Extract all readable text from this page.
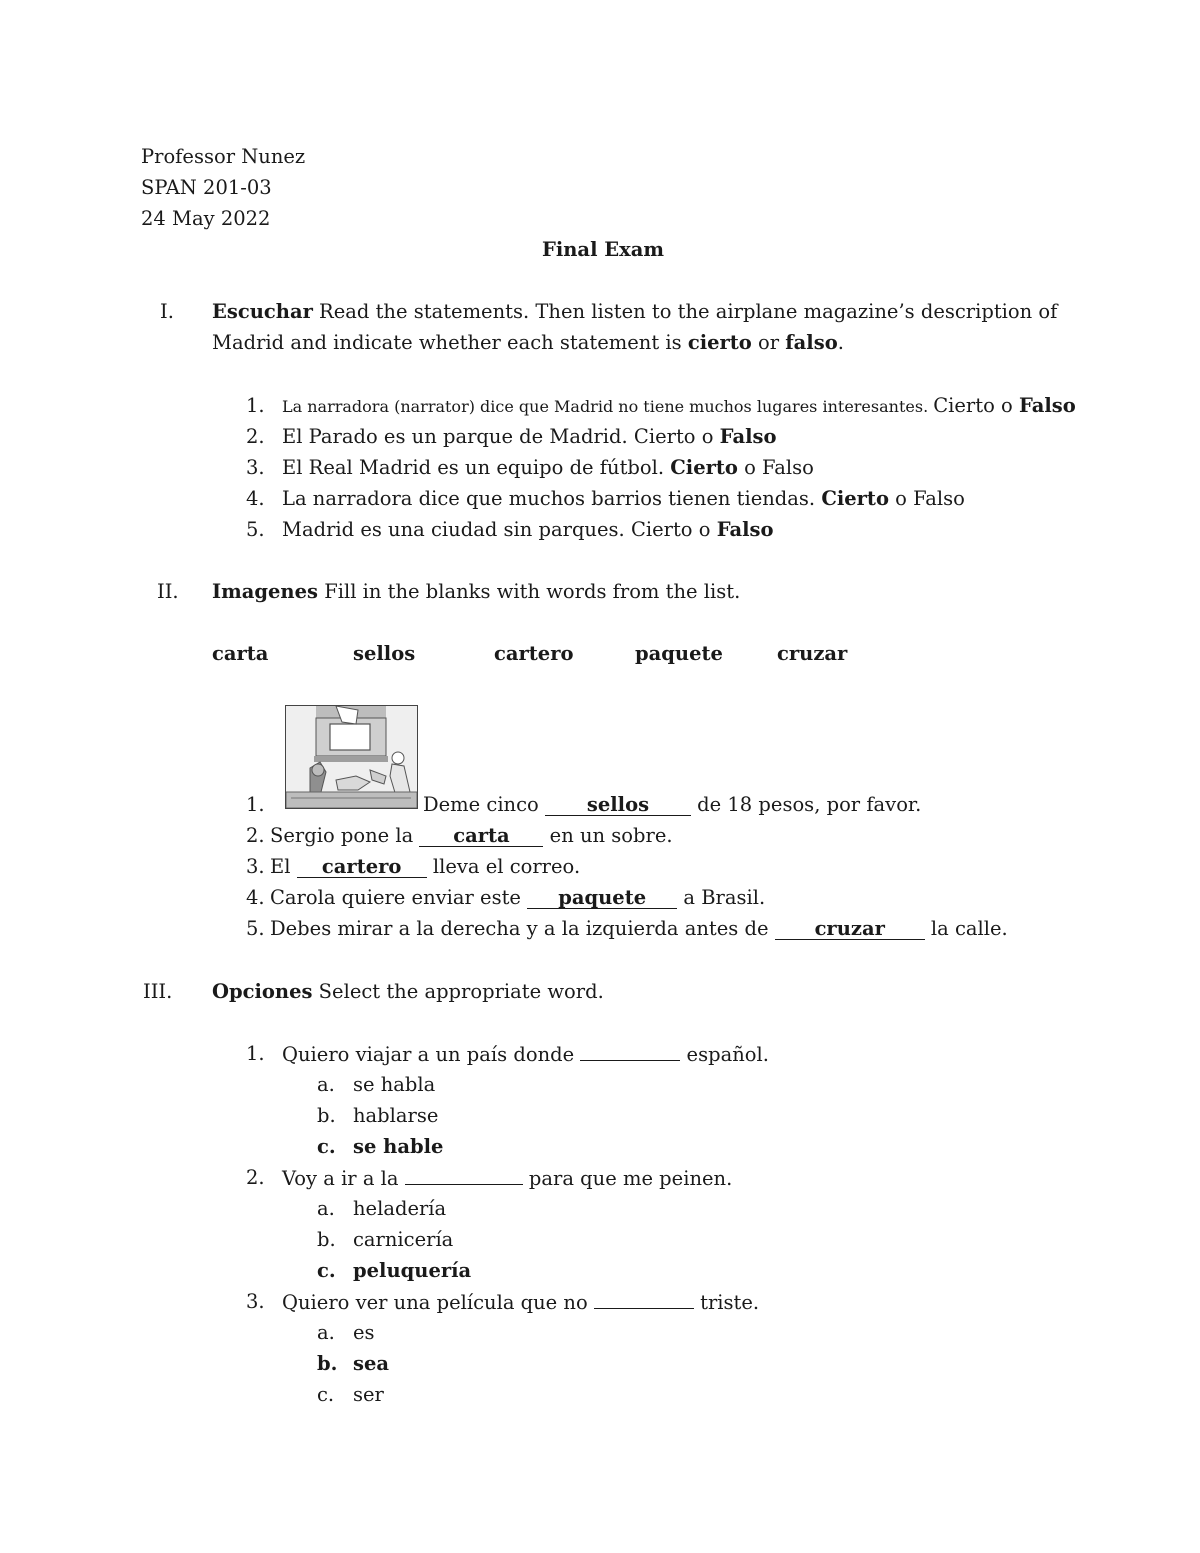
Professor Nunez
SPAN 201-03
24 May 2022
Final Exam
I. Escuchar Read the statements. Then listen to the airplane magazine’s description of
Madrid and indicate whether each statement is cierto or falso.
1. La narradora (narrator) dice que Madrid no tiene muchos lugares interesantes. Cierto o Falso
2. El Parado es un parque de Madrid. Cierto o Falso
3. El Real Madrid es un equipo de fútbol. Cierto o Falso
4. La narradora dice que muchos barrios tienen tiendas. Cierto o Falso
5. Madrid es una ciudad sin parques. Cierto o Falso
II. Imagenes Fill in the blanks with words from the list.
carta	sellos	cartero	paquete	cruzar
1.	Deme cinco sellos de 18 pesos, por favor.
2. Sergio pone la carta en un sobre.
3. El cartero lleva el correo.
4. Carola quiere enviar este paquete a Brasil.
5. Debes mirar a la derecha y a la izquierda antes de cruzar la calle.
III. Opciones Select the appropriate word.
1. Quiero viajar a un país donde	español.
a. se habla
b. hablarse
c. se hable
2. Voy a ir a la	para que me peinen.
a. heladería
b. carnicería
c. peluquería
3. Quiero ver una película que no	triste.
a. es
b. sea
c. ser
